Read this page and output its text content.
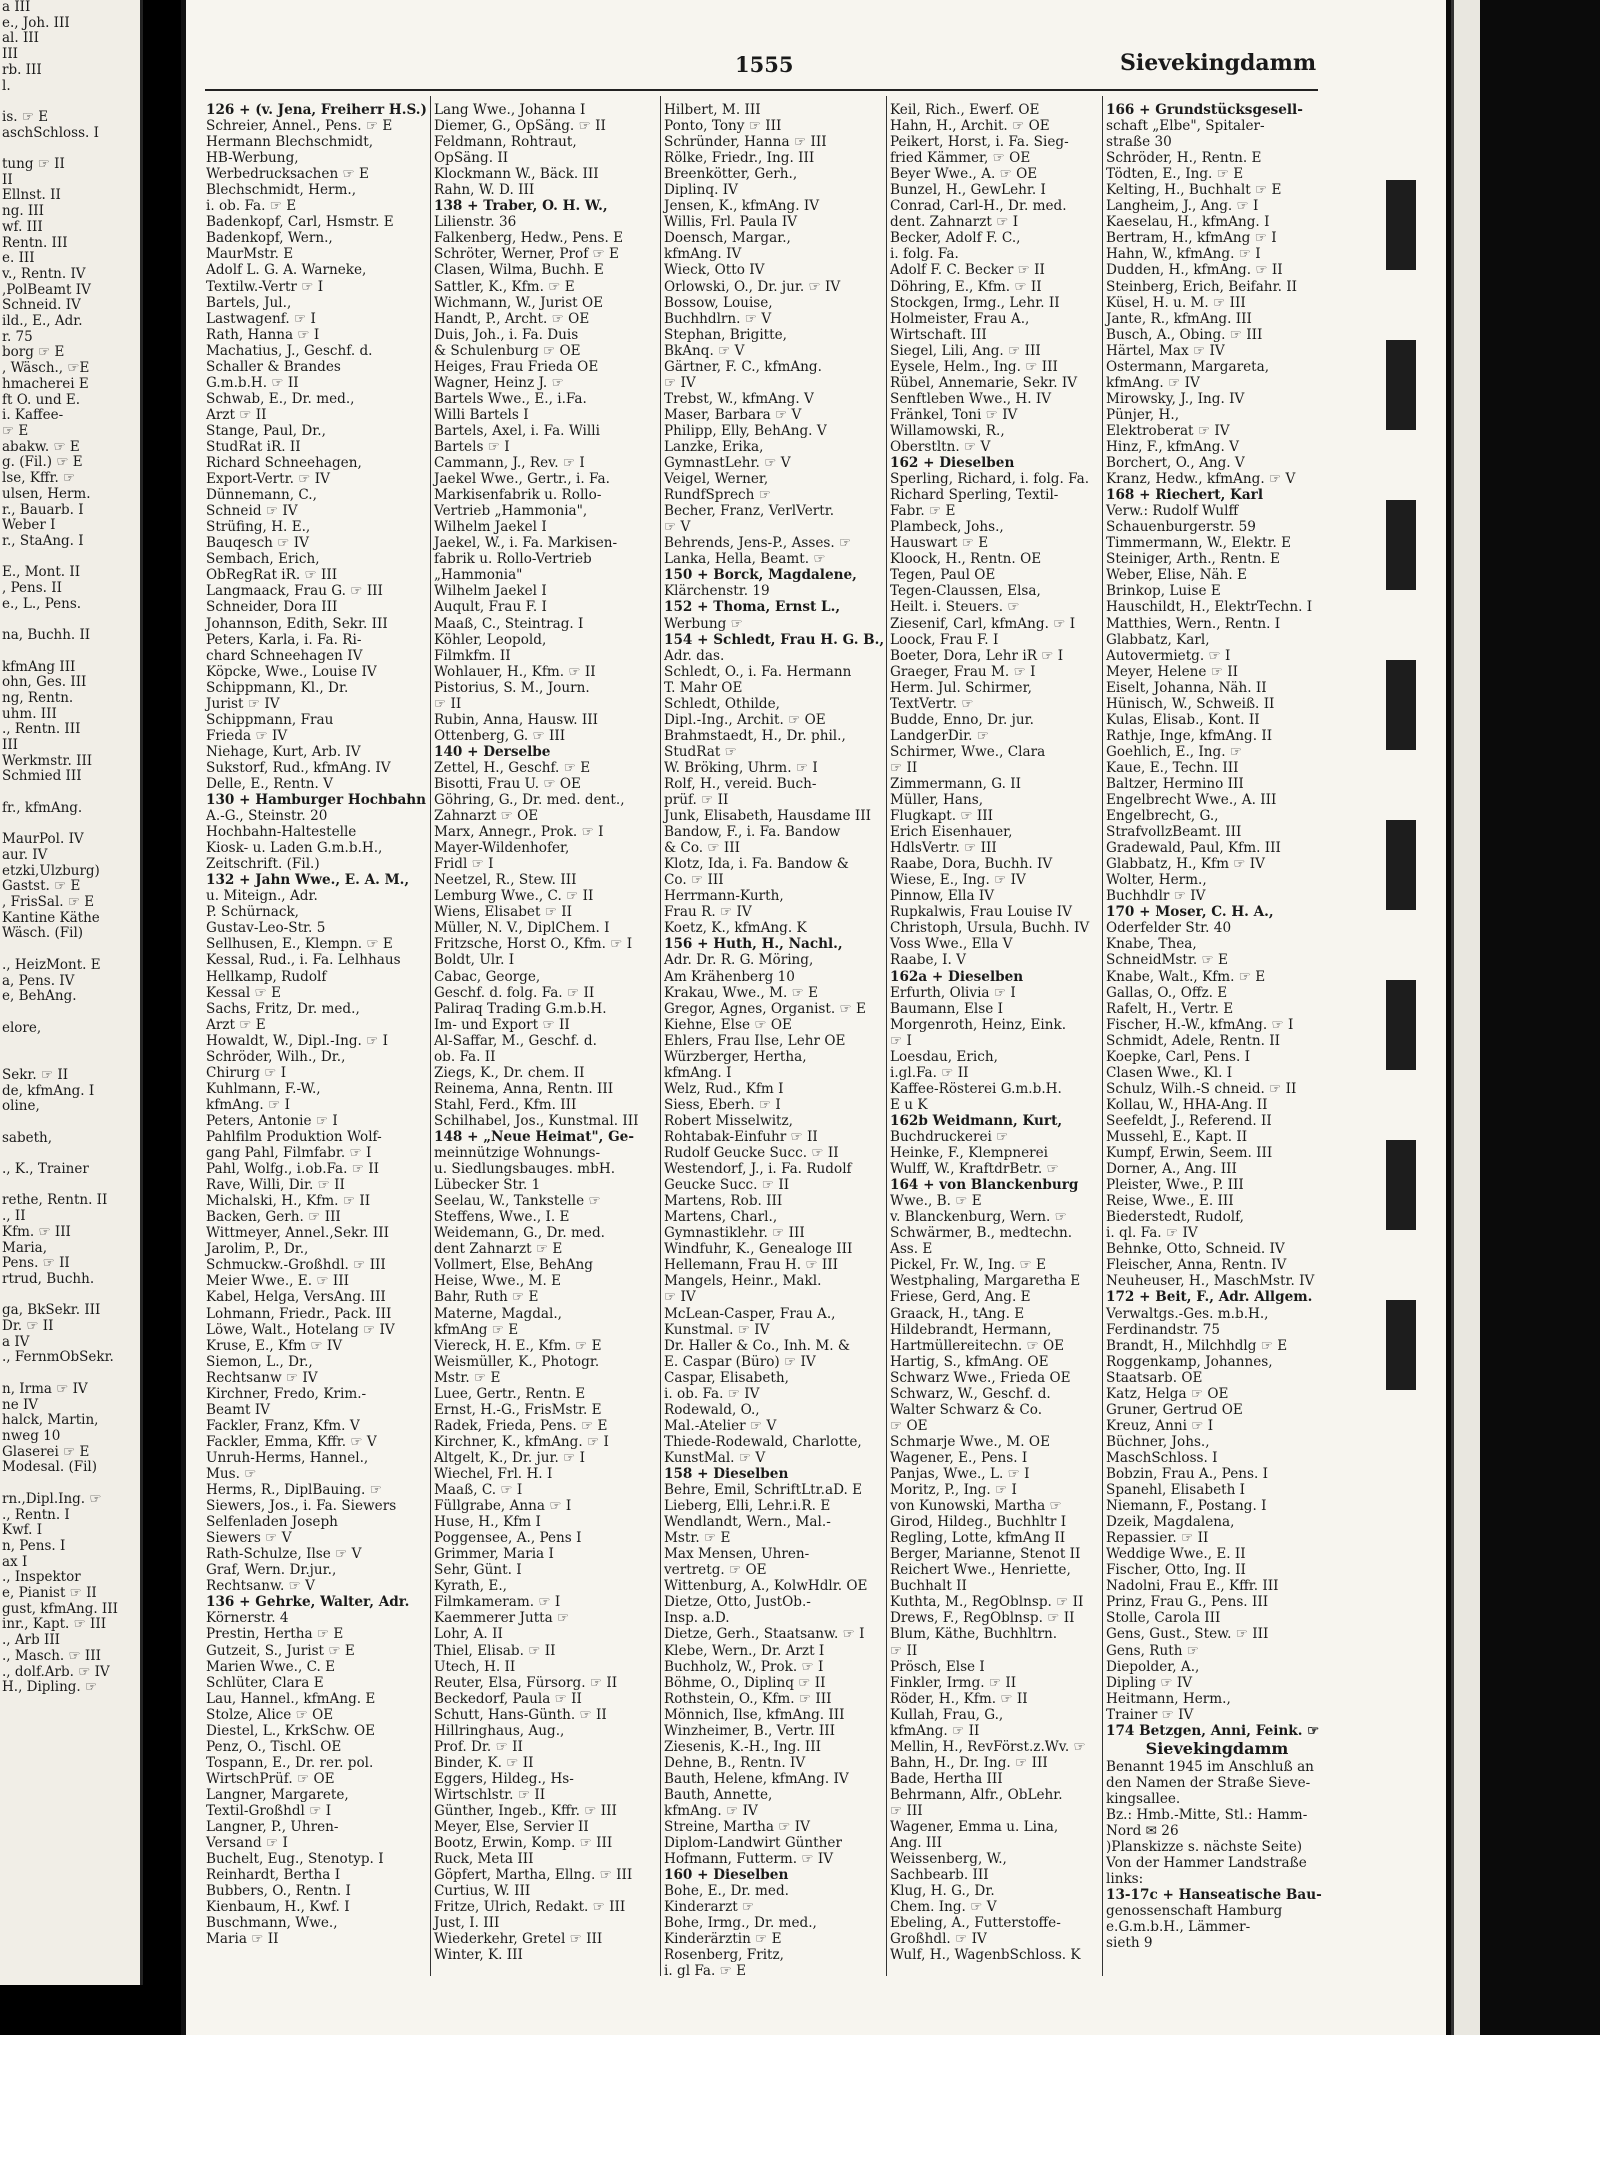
a III
e., Joh. III
al. III
III
rb. III
l.

is. ☞ E
aschSchloss. I

tung ☞ II
II
Ellnst. II
ng. III
wf. III
Rentn. III
e. III
v., Rentn. IV
,PolBeamt IV
Schneid. IV
ild., E., Adr.
r. 75
borg ☞ E
, Wäsch., ☞E
hmacherei E
ft O. und E.
i. Kaffee-
☞ E
abakw. ☞ E
g. (Fil.) ☞ E
lse, Kffr. ☞
ulsen, Herm.
r., Bauarb. I
Weber I
r., StaAng. I

E., Mont. II
, Pens. II
e., L., Pens.

na, Buchh. II

kfmAng III
ohn, Ges. III
ng, Rentn.
uhm. III
., Rentn. III
III
Werkmstr. III
Schmied III

fr., kfmAng.

MaurPol. IV
aur. IV
etzki,Ulzburg)
Gastst. ☞ E
, FrisSal. ☞ E
Kantine Käthe
Wäsch. (Fil)

., HeizMont. E
a, Pens. IV
e, BehAng.

elore,

Sekr. ☞ II
de, kfmAng. I
oline,

sabeth,

., K., Trainer

rethe, Rentn. II
., II
Kfm. ☞ III
Maria,
Pens. ☞ II
rtrud, Buchh.

ga, BkSekr. III
Dr. ☞ II
a IV
., FernmObSekr.

n, Irma ☞ IV
ne IV
halck, Martin,
nweg 10
Glaserei ☞ E
Modesal. (Fil)

rn.,Dipl.Ing. ☞
., Rentn. I
Kwf. I
n, Pens. I
ax I
., Inspektor
e, Pianist ☞ II
gust, kfmAng. III
inr., Kapt. ☞ III
., Arb III
., Masch. ☞ III
., dolf.Arb. ☞ IV
H., Dipling. ☞
1555	Sievekingdamm
126 + (v. Jena, Freiherr H.S.)
Schreier, Annel., Pens. ☞ E
Hermann Blechschmidt,
HB-Werbung,
Werbedrucksachen ☞ E
Blechschmidt, Herm.,
i. ob. Fa. ☞ E
Badenkopf, Carl, Hsmstr. E
Badenkopf, Wern.,
MaurMstr. E
Adolf L. G. A. Warneke,
Textilw.-Vertr ☞ I
Bartels, Jul.,
Lastwagenf. ☞ I
Rath, Hanna ☞ I
Machatius, J., Geschf. d.
Schaller & Brandes
G.m.b.H. ☞ II
Schwab, E., Dr. med.,
Arzt ☞ II
Stange, Paul, Dr.,
StudRat iR. II
Richard Schneehagen,
Export-Vertr. ☞ IV
Dünnemann, C.,
Schneid ☞ IV
Strüfing, H. E.,
Bauqesch ☞ IV
Sembach, Erich,
ObRegRat iR. ☞ III
Langmaack, Frau G. ☞ III
Schneider, Dora III
Johannson, Edith, Sekr. III
Peters, Karla, i. Fa. Ri-
chard Schneehagen IV
Köpcke, Wwe., Louise IV
Schippmann, Kl., Dr.
Jurist ☞ IV
Schippmann, Frau
Frieda ☞ IV
Niehage, Kurt, Arb. IV
Sukstorf, Rud., kfmAng. IV
Delle, E., Rentn. V
130 + Hamburger Hochbahn
A.-G., Steinstr. 20
Hochbahn-Haltestelle
Kiosk- u. Laden G.m.b.H.,
Zeitschrift. (Fil.)
132 + Jahn Wwe., E. A. M.,
u. Miteign., Adr.
P. Schürnack,
Gustav-Leo-Str. 5
Sellhusen, E., Klempn. ☞ E
Kessal, Rud., i. Fa. Lelhhaus
Hellkamp, Rudolf
Kessal ☞ E
Sachs, Fritz, Dr. med.,
Arzt ☞ E
Howaldt, W., Dipl.-Ing. ☞ I
Schröder, Wilh., Dr.,
Chirurg ☞ I
Kuhlmann, F.-W.,
kfmAng. ☞ I
Peters, Antonie ☞ I
Pahlfilm Produktion Wolf-
gang Pahl, Filmfabr. ☞ I
Pahl, Wolfg., i.ob.Fa. ☞ II
Rave, Willi, Dir. ☞ II
Michalski, H., Kfm. ☞ II
Backen, Gerh. ☞ III
Wittmeyer, Annel.,Sekr. III
Jarolim, P., Dr.,
Schmuckw.-Großhdl. ☞ III
Meier Wwe., E. ☞ III
Kabel, Helga, VersAng. III
Lohmann, Friedr., Pack. III
Löwe, Walt., Hotelang ☞ IV
Kruse, E., Kfm ☞ IV
Siemon, L., Dr.,
Rechtsanw ☞ IV
Kirchner, Fredo, Krim.-
Beamt IV
Fackler, Franz, Kfm. V
Fackler, Emma, Kffr. ☞ V
Unruh-Herms, Hannel.,
Mus. ☞
Herms, R., DiplBauing. ☞
Siewers, Jos., i. Fa. Siewers
Selfenladen Joseph
Siewers ☞ V
Rath-Schulze, Ilse ☞ V
Graf, Wern. Dr.jur.,
Rechtsanw. ☞ V
136 + Gehrke, Walter, Adr.
Körnerstr. 4
Prestin, Hertha ☞ E
Gutzeit, S., Jurist ☞ E
Marien Wwe., C. E
Schlüter, Clara E
Lau, Hannel., kfmAng. E
Stolze, Alice ☞ OE
Diestel, L., KrkSchw. OE
Penz, O., Tischl. OE
Tospann, E., Dr. rer. pol.
WirtschPrüf. ☞ OE
Langner, Margarete,
Textil-Großhdl ☞ I
Langner, P., Uhren-
Versand ☞ I
Buchelt, Eug., Stenotyp. I
Reinhardt, Bertha I
Bubbers, O., Rentn. I
Kienbaum, H., Kwf. I
Buschmann, Wwe.,
Maria ☞ II
Lang Wwe., Johanna I
Diemer, G., OpSäng. ☞ II
Feldmann, Rohtraut,
OpSäng. II
Klockmann W., Bäck. III
Rahn, W. D. III
138 + Traber, O. H. W.,
Lilienstr. 36
Falkenberg, Hedw., Pens. E
Schröter, Werner, Prof ☞ E
Clasen, Wilma, Buchh. E
Sattler, K., Kfm. ☞ E
Wichmann, W., Jurist OE
Handt, P., Archt. ☞ OE
Duis, Joh., i. Fa. Duis
& Schulenburg ☞ OE
Heiges, Frau Frieda OE
Wagner, Heinz J. ☞
Bartels Wwe., E., i.Fa.
Willi Bartels I
Bartels, Axel, i. Fa. Willi
Bartels ☞ I
Cammann, J., Rev. ☞ I
Jaekel Wwe., Gertr., i. Fa.
Markisenfabrik u. Rollo-
Vertrieb „Hammonia",
Wilhelm Jaekel I
Jaekel, W., i. Fa. Markisen-
fabrik u. Rollo-Vertrieb
„Hammonia"
Wilhelm Jaekel I
Auqult, Frau F. I
Maaß, C., Steintrag. I
Köhler, Leopold,
Filmkfm. II
Wohlauer, H., Kfm. ☞ II
Pistorius, S. M., Journ.
☞ II
Rubin, Anna, Hausw. III
Ottenberg, G. ☞ III
140 + Derselbe
Zettel, H., Geschf. ☞ E
Bisotti, Frau U. ☞ OE
Göhring, G., Dr. med. dent.,
Zahnarzt ☞ OE
Marx, Annegr., Prok. ☞ I
Mayer-Wildenhofer,
Fridl ☞ I
Neetzel, R., Stew. III
Lemburg Wwe., C. ☞ II
Wiens, Elisabet ☞ II
Müller, N. V., DiplChem. I
Fritzsche, Horst O., Kfm. ☞ I
Boldt, Ulr. I
Cabac, George,
Geschf. d. folg. Fa. ☞ II
Paliraq Trading G.m.b.H.
Im- und Export ☞ II
Al-Saffar, M., Geschf. d.
ob. Fa. II
Ziegs, K., Dr. chem. II
Reinema, Anna, Rentn. III
Stahl, Ferd., Kfm. III
Schilhabel, Jos., Kunstmal. III
148 + „Neue Heimat", Ge-
meinnützige Wohnungs-
u. Siedlungsbauges. mbH.
Lübecker Str. 1
Seelau, W., Tankstelle ☞
Steffens, Wwe., I. E
Weidemann, G., Dr. med.
dent Zahnarzt ☞ E
Vollmert, Else, BehAng
Heise, Wwe., M. E
Bahr, Ruth ☞ E
Materne, Magdal.,
kfmAng ☞ E
Viereck, H. E., Kfm. ☞ E
Weismüller, K., Photogr.
Mstr. ☞ E
Luee, Gertr., Rentn. E
Ernst, H.-G., FrisMstr. E
Radek, Frieda, Pens. ☞ E
Kirchner, K., kfmAng. ☞ I
Altgelt, K., Dr. jur. ☞ I
Wiechel, Frl. H. I
Maaß, C. ☞ I
Füllgrabe, Anna ☞ I
Huse, H., Kfm I
Poggensee, A., Pens I
Grimmer, Maria I
Sehr, Günt. I
Kyrath, E.,
Filmkameram. ☞ I
Kaemmerer Jutta ☞
Lohr, A. II
Thiel, Elisab. ☞ II
Utech, H. II
Reuter, Elsa, Fürsorg. ☞ II
Beckedorf, Paula ☞ II
Schutt, Hans-Günth. ☞ II
Hillringhaus, Aug.,
Prof. Dr. ☞ II
Binder, K. ☞ II
Eggers, Hildeg., Hs-
Wirtschlstr. ☞ II
Günther, Ingeb., Kffr. ☞ III
Meyer, Else, Servier II
Bootz, Erwin, Komp. ☞ III
Ruck, Meta III
Göpfert, Martha, Ellng. ☞ III
Curtius, W. III
Fritze, Ulrich, Redakt. ☞ III
Just, I. III
Wiederkehr, Gretel ☞ III
Winter, K. III
Hilbert, M. III
Ponto, Tony ☞ III
Schründer, Hanna ☞ III
Rölke, Friedr., Ing. III
Breenkötter, Gerh.,
Diplinq. IV
Jensen, K., kfmAng. IV
Willis, Frl. Paula IV
Doensch, Margar.,
kfmAng. IV
Wieck, Otto IV
Orlowski, O., Dr. jur. ☞ IV
Bossow, Louise,
Buchhdlrn. ☞ V
Stephan, Brigitte,
BkAnq. ☞ V
Gärtner, F. C., kfmAng.
☞ IV
Trebst, W., kfmAng. V
Maser, Barbara ☞ V
Philipp, Elly, BehAng. V
Lanzke, Erika,
GymnastLehr. ☞ V
Veigel, Werner,
RundfSprech ☞
Becher, Franz, VerlVertr.
☞ V
Behrends, Jens-P., Asses. ☞
Lanka, Hella, Beamt. ☞
150 + Borck, Magdalene,
Klärchenstr. 19
152 + Thoma, Ernst L.,
Werbung ☞
154 + Schledt, Frau H. G. B.,
Adr. das.
Schledt, O., i. Fa. Hermann
T. Mahr OE
Schledt, Othilde,
Dipl.-Ing., Archit. ☞ OE
Brahmstaedt, H., Dr. phil.,
StudRat ☞
W. Bröking, Uhrm. ☞ I
Rolf, H., vereid. Buch-
prüf. ☞ II
Junk, Elisabeth, Hausdame III
Bandow, F., i. Fa. Bandow
& Co. ☞ III
Klotz, Ida, i. Fa. Bandow &
Co. ☞ III
Herrmann-Kurth,
Frau R. ☞ IV
Koetz, K., kfmAng. K
156 + Huth, H., Nachl.,
Adr. Dr. R. G. Möring,
Am Krähenberg 10
Krakau, Wwe., M. ☞ E
Gregor, Agnes, Organist. ☞ E
Kiehne, Else ☞ OE
Ehlers, Frau Ilse, Lehr OE
Würzberger, Hertha,
kfmAng. I
Welz, Rud., Kfm I
Siess, Eberh. ☞ I
Robert Misselwitz,
Rohtabak-Einfuhr ☞ II
Rudolf Geucke Succ. ☞ II
Westendorf, J., i. Fa. Rudolf
Geucke Succ. ☞ II
Martens, Rob. III
Martens, Charl.,
Gymnastiklehr. ☞ III
Windfuhr, K., Genealoge III
Hellemann, Frau H. ☞ III
Mangels, Heinr., Makl.
☞ IV
McLean-Casper, Frau A.,
Kunstmal. ☞ IV
Dr. Haller & Co., Inh. M. &
E. Caspar (Büro) ☞ IV
Caspar, Elisabeth,
i. ob. Fa. ☞ IV
Rodewald, O.,
Mal.-Atelier ☞ V
Thiede-Rodewald, Charlotte,
KunstMal. ☞ V
158 + Dieselben
Behre, Emil, SchriftLtr.aD. E
Lieberg, Elli, Lehr.i.R. E
Wendlandt, Wern., Mal.-
Mstr. ☞ E
Max Mensen, Uhren-
vertretg. ☞ OE
Wittenburg, A., KolwHdlr. OE
Dietze, Otto, JustOb.-
Insp. a.D.
Dietze, Gerh., Staatsanw. ☞ I
Klebe, Wern., Dr. Arzt I
Buchholz, W., Prok. ☞ I
Böhme, O., Diplinq ☞ II
Rothstein, O., Kfm. ☞ III
Mönnich, Ilse, kfmAng. III
Winzheimer, B., Vertr. III
Ziesenis, K.-H., Ing. III
Dehne, B., Rentn. IV
Bauth, Helene, kfmAng. IV
Bauth, Annette,
kfmAng. ☞ IV
Streine, Martha ☞ IV
Diplom-Landwirt Günther
Hofmann, Futterm. ☞ IV
160 + Dieselben
Bohe, E., Dr. med.
Kinderarzt ☞
Bohe, Irmg., Dr. med.,
Kinderärztin ☞ E
Rosenberg, Fritz,
i. gl Fa. ☞ E
Keil, Rich., Ewerf. OE
Hahn, H., Archit. ☞ OE
Peikert, Horst, i. Fa. Sieg-
fried Kämmer, ☞ OE
Beyer Wwe., A. ☞ OE
Bunzel, H., GewLehr. I
Conrad, Carl-H., Dr. med.
dent. Zahnarzt ☞ I
Becker, Adolf F. C.,
i. folg. Fa.
Adolf F. C. Becker ☞ II
Döhring, E., Kfm. ☞ II
Stockgen, Irmg., Lehr. II
Holmeister, Frau A.,
Wirtschaft. III
Siegel, Lili, Ang. ☞ III
Eysele, Helm., Ing. ☞ III
Rübel, Annemarie, Sekr. IV
Senftleben Wwe., H. IV
Fränkel, Toni ☞ IV
Willamowski, R.,
Oberstltn. ☞ V
162 + Dieselben
Sperling, Richard, i. folg. Fa.
Richard Sperling, Textil-
Fabr. ☞ E
Plambeck, Johs.,
Hauswart ☞ E
Kloock, H., Rentn. OE
Tegen, Paul OE
Tegen-Claussen, Elsa,
Heilt. i. Steuers. ☞
Ziesenif, Carl, kfmAng. ☞ I
Loock, Frau F. I
Boeter, Dora, Lehr iR ☞ I
Graeger, Frau M. ☞ I
Herm. Jul. Schirmer,
TextVertr. ☞
Budde, Enno, Dr. jur.
LandgerDir. ☞
Schirmer, Wwe., Clara
☞ II
Zimmermann, G. II
Müller, Hans,
Flugkapt. ☞ III
Erich Eisenhauer,
HdlsVertr. ☞ III
Raabe, Dora, Buchh. IV
Wiese, E., Ing. ☞ IV
Pinnow, Ella IV
Rupkalwis, Frau Louise IV
Christoph, Ursula, Buchh. IV
Voss Wwe., Ella V
Raabe, I. V
162a + Dieselben
Erfurth, Olivia ☞ I
Baumann, Else I
Morgenroth, Heinz, Eink.
☞ I
Loesdau, Erich,
i.gl.Fa. ☞ II
Kaffee-Rösterei G.m.b.H.
E u K
162b Weidmann, Kurt,
Buchdruckerei ☞
Heinke, F., Klempnerei
Wulff, W., KraftdrBetr. ☞
164 + von Blanckenburg
Wwe., B. ☞ E
v. Blanckenburg, Wern. ☞
Schwärmer, B., medtechn.
Ass. E
Pickel, Fr. W., Ing. ☞ E
Westphaling, Margaretha E
Friese, Gerd, Ang. E
Graack, H., tAng. E
Hildebrandt, Hermann,
Hartmüllereitechn. ☞ OE
Hartig, S., kfmAng. OE
Schwarz Wwe., Frieda OE
Schwarz, W., Geschf. d.
Walter Schwarz & Co.
☞ OE
Schmarje Wwe., M. OE
Wagener, E., Pens. I
Panjas, Wwe., L. ☞ I
Moritz, P., Ing. ☞ I
von Kunowski, Martha ☞
Girod, Hildeg., Buchhltr I
Regling, Lotte, kfmAng II
Berger, Marianne, Stenot II
Reichert Wwe., Henriette,
Buchhalt II
Kuthta, M., RegOblnsp. ☞ II
Drews, F., RegOblnsp. ☞ II
Blum, Käthe, Buchhltrn.
☞ II
Prösch, Else I
Finkler, Irmg. ☞ II
Röder, H., Kfm. ☞ II
Kullah, Frau, G.,
kfmAng. ☞ II
Mellin, H., RevFörst.z.Wv. ☞
Bahn, H., Dr. Ing. ☞ III
Bade, Hertha III
Behrmann, Alfr., ObLehr.
☞ III
Wagener, Emma u. Lina,
Ang. III
Weissenberg, W.,
Sachbearb. III
Klug, H. G., Dr.
Chem. Ing. ☞ V
Ebeling, A., Futterstoffe-
Großhdl. ☞ IV
Wulf, H., WagenbSchloss. K
166 + Grundstücksgesell-
schaft „Elbe", Spitaler-
straße 30
Schröder, H., Rentn. E
Tödten, E., Ing. ☞ E
Kelting, H., Buchhalt ☞ E
Langheim, J., Ang. ☞ I
Kaeselau, H., kfmAng. I
Bertram, H., kfmAng ☞ I
Hahn, W., kfmAng. ☞ I
Dudden, H., kfmAng. ☞ II
Steinberg, Erich, Beifahr. II
Küsel, H. u. M. ☞ III
Jante, R., kfmAng. III
Busch, A., Obing. ☞ III
Härtel, Max ☞ IV
Ostermann, Margareta,
kfmAng. ☞ IV
Mirowsky, J., Ing. IV
Pünjer, H.,
Elektroberat ☞ IV
Hinz, F., kfmAng. V
Borchert, O., Ang. V
Kranz, Hedw., kfmAng. ☞ V
168 + Riechert, Karl
Verw.: Rudolf Wulff
Schauenburgerstr. 59
Timmermann, W., Elektr. E
Steiniger, Arth., Rentn. E
Weber, Elise, Näh. E
Brinkop, Luise E
Hauschildt, H., ElektrTechn. I
Matthies, Wern., Rentn. I
Glabbatz, Karl,
Autovermietg. ☞ I
Meyer, Helene ☞ II
Eiselt, Johanna, Näh. II
Hünisch, W., Schweiß. II
Kulas, Elisab., Kont. II
Rathje, Inge, kfmAng. II
Goehlich, E., Ing. ☞
Kaue, E., Techn. III
Baltzer, Hermino III
Engelbrecht Wwe., A. III
Engelbrecht, G.,
StrafvollzBeamt. III
Gradewald, Paul, Kfm. III
Glabbatz, H., Kfm ☞ IV
Wolter, Herm.,
Buchhdlr ☞ IV
170 + Moser, C. H. A.,
Oderfelder Str. 40
Knabe, Thea,
SchneidMstr. ☞ E
Knabe, Walt., Kfm. ☞ E
Gallas, O., Offz. E
Rafelt, H., Vertr. E
Fischer, H.-W., kfmAng. ☞ I
Schmidt, Adele, Rentn. II
Koepke, Carl, Pens. I
Clasen Wwe., Kl. I
Schulz, Wilh.-S chneid. ☞ II
Kollau, W., HHA-Ang. II
Seefeldt, J., Referend. II
Mussehl, E., Kapt. II
Kumpf, Erwin, Seem. III
Dorner, A., Ang. III
Pleister, Wwe., P. III
Reise, Wwe., E. III
Biederstedt, Rudolf,
i. ql. Fa. ☞ IV
Behnke, Otto, Schneid. IV
Fleischer, Anna, Rentn. IV
Neuheuser, H., MaschMstr. IV
172 + Beit, F., Adr. Allgem.
Verwaltgs.-Ges. m.b.H.,
Ferdinandstr. 75
Brandt, H., Milchhdlg ☞ E
Roggenkamp, Johannes,
Staatsarb. OE
Katz, Helga ☞ OE
Gruner, Gertrud OE
Kreuz, Anni ☞ I
Büchner, Johs.,
MaschSchloss. I
Bobzin, Frau A., Pens. I
Spanehl, Elisabeth I
Niemann, F., Postang. I
Dzeik, Magdalena,
Repassier. ☞ II
Weddige Wwe., E. II
Fischer, Otto, Ing. II
Nadolni, Frau E., Kffr. III
Prinz, Frau G., Pens. III
Stolle, Carola III
Gens, Gust., Stew. ☞ III
Gens, Ruth ☞
Diepolder, A.,
Dipling ☞ IV
Heitmann, Herm.,
Trainer ☞ IV
174 Betzgen, Anni, Feink. ☞
Sievekingdamm
Benannt 1945 im Anschluß an
den Namen der Straße Sieve-
kingsallee.
Bz.: Hmb.-Mitte, Stl.: Hamm-
Nord ✉ 26
)Planskizze s. nächste Seite)
Von der Hammer Landstraße
links:
13-17c + Hanseatische Bau-
genossenschaft Hamburg
e.G.m.b.H., Lämmer-
sieth 9
